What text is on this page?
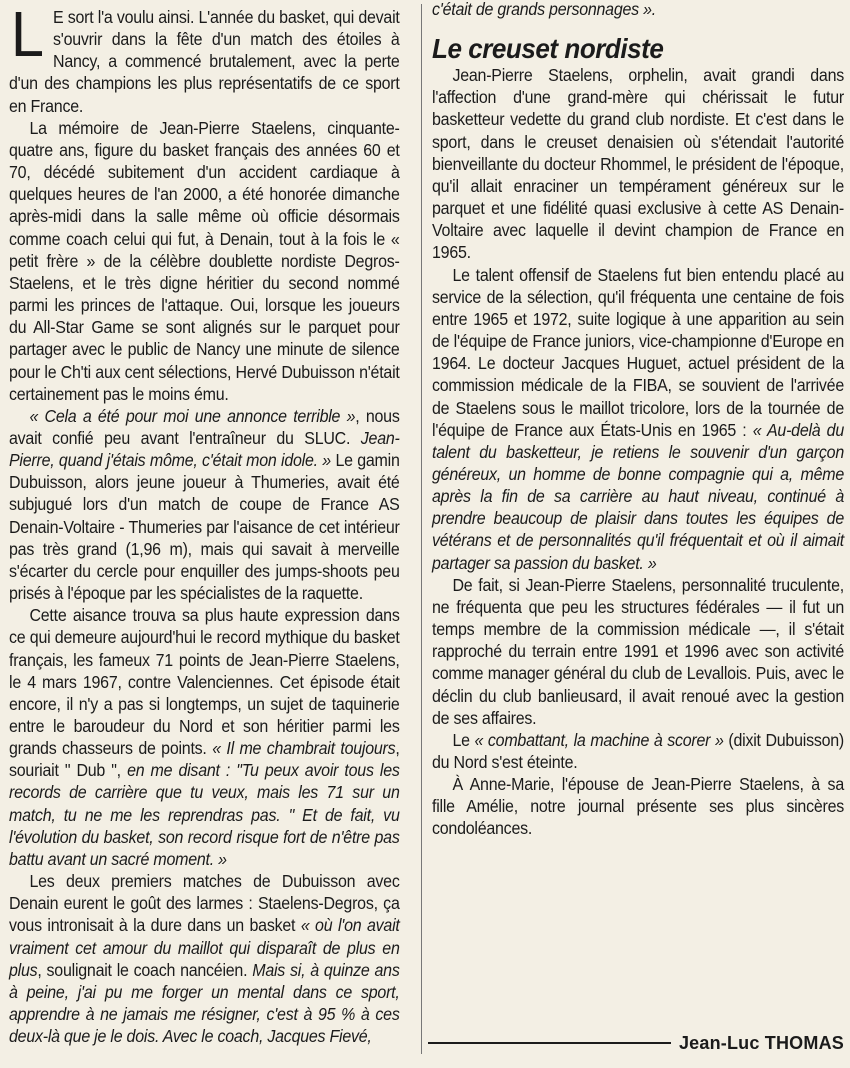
L E sort l'a voulu ainsi. L'année du basket, qui devait s'ouvrir dans la fête d'un match des étoiles à Nancy, a commencé brutalement, avec la perte d'un des champions les plus représentatifs de ce sport en France.

La mémoire de Jean-Pierre Staelens, cinquante-quatre ans, figure du basket français des années 60 et 70, décédé subitement d'un accident cardiaque à quelques heures de l'an 2000, a été honorée dimanche après-midi dans la salle même où officie désormais comme coach celui qui fut, à Denain, tout à la fois le « petit frère » de la célèbre doublette nordiste Degros-Staelens, et le très digne héritier du second nommé parmi les princes de l'attaque. Oui, lorsque les joueurs du All-Star Game se sont alignés sur le parquet pour partager avec le public de Nancy une minute de silence pour le Ch'ti aux cent sélections, Hervé Dubuisson n'était certainement pas le moins ému.

« Cela a été pour moi une annonce terrible », nous avait confié peu avant l'entraîneur du SLUC. Jean-Pierre, quand j'étais môme, c'était mon idole. » Le gamin Dubuisson, alors jeune joueur à Thumeries, avait été subjugué lors d'un match de coupe de France AS Denain-Voltaire - Thumeries par l'aisance de cet intérieur pas très grand (1,96 m), mais qui savait à merveille s'écarter du cercle pour enquiller des jumps-shoots peu prisés à l'époque par les spécialistes de la raquette.

Cette aisance trouva sa plus haute expression dans ce qui demeure aujourd'hui le record mythique du basket français, les fameux 71 points de Jean-Pierre Staelens, le 4 mars 1967, contre Valenciennes. Cet épisode était encore, il n'y a pas si longtemps, un sujet de taquinerie entre le baroudeur du Nord et son héritier parmi les grands chasseurs de points. « Il me chambrait toujours, souriait " Dub ", en me disant : "Tu peux avoir tous les records de carrière que tu veux, mais les 71 sur un match, tu ne me les reprendras pas. " Et de fait, vu l'évolution du basket, son record risque fort de n'être pas battu avant un sacré moment. »

Les deux premiers matches de Dubuisson avec Denain eurent le goût des larmes : Staelens-Degros, ça vous intronisait à la dure dans un basket « où l'on avait vraiment cet amour du maillot qui disparaît de plus en plus, soulignait le coach nancéien. Mais si, à quinze ans à peine, j'ai pu me forger un mental dans ce sport, apprendre à ne jamais me résigner, c'est à 95 % à ces deux-là que je le dois. Avec le coach, Jacques Fievé,

c'était de grands personnages ».

Le creuset nordiste

Jean-Pierre Staelens, orphelin, avait grandi dans l'affection d'une grand-mère qui chérissait le futur basketteur vedette du grand club nordiste. Et c'est dans le sport, dans le creuset denaisien où s'étendait l'autorité bienveillante du docteur Rhommel, le président de l'époque, qu'il allait enraciner un tempérament généreux sur le parquet et une fidélité quasi exclusive à cette AS Denain-Voltaire avec laquelle il devint champion de France en 1965.

Le talent offensif de Staelens fut bien entendu placé au service de la sélection, qu'il fréquenta une centaine de fois entre 1965 et 1972, suite logique à une apparition au sein de l'équipe de France juniors, vice-championne d'Europe en 1964. Le docteur Jacques Huguet, actuel président de la commission médicale de la FIBA, se souvient de l'arrivée de Staelens sous le maillot tricolore, lors de la tournée de l'équipe de France aux États-Unis en 1965 : « Au-delà du talent du basketteur, je retiens le souvenir d'un garçon généreux, un homme de bonne compagnie qui a, même après la fin de sa carrière au haut niveau, continué à prendre beaucoup de plaisir dans toutes les équipes de vétérans et de personnalités qu'il fréquentait et où il aimait partager sa passion du basket. »

De fait, si Jean-Pierre Staelens, personnalité truculente, ne fréquenta que peu les structures fédérales — il fut un temps membre de la commission médicale —, il s'était rapproché du terrain entre 1991 et 1996 avec son activité comme manager général du club de Levallois. Puis, avec le déclin du club banlieusard, il avait renoué avec la gestion de ses affaires.

Le « combattant, la machine à scorer » (dixit Dubuisson) du Nord s'est éteinte.

À Anne-Marie, l'épouse de Jean-Pierre Staelens, à sa fille Amélie, notre journal présente ses plus sincères condoléances.

Jean-Luc THOMAS
